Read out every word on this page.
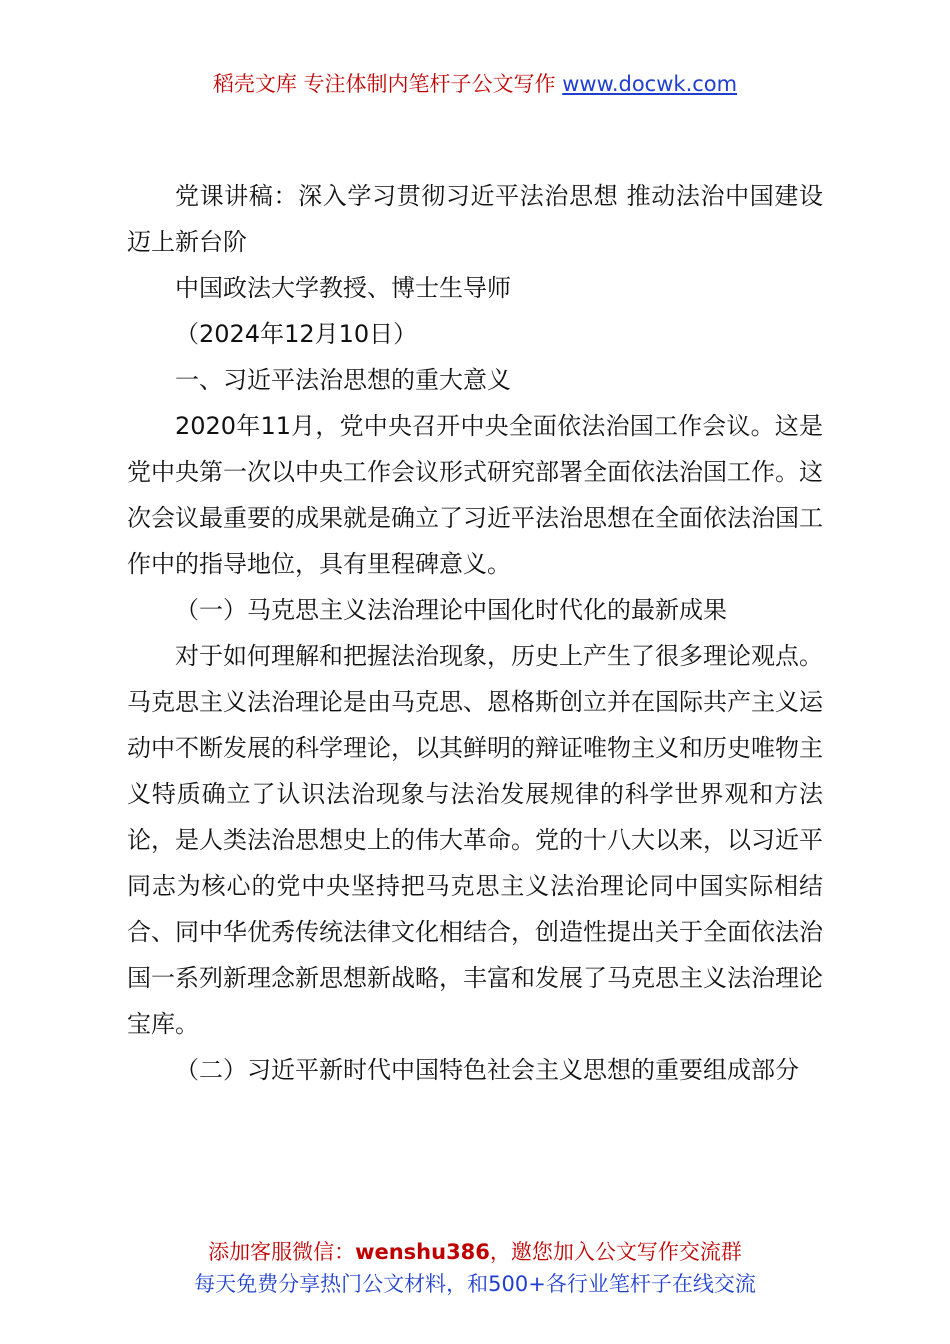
稻壳文库 专注体制内笔杆子公文写作 www.docwk.com

党课讲稿：深入学习贯彻习近平法治思想 推动法治中国建设迈上新台阶

中国政法大学教授、博士生导师

（2024年12月10日）

一、习近平法治思想的重大意义

2020年11月，党中央召开中央全面依法治国工作会议。这是党中央第一次以中央工作会议形式研究部署全面依法治国工作。这次会议最重要的成果就是确立了习近平法治思想在全面依法治国工作中的指导地位，具有里程碑意义。

（一）马克思主义法治理论中国化时代化的最新成果

对于如何理解和把握法治现象，历史上产生了很多理论观点。马克思主义法治理论是由马克思、恩格斯创立并在国际共产主义运动中不断发展的科学理论，以其鲜明的辩证唯物主义和历史唯物主义特质确立了认识法治现象与法治发展规律的科学世界观和方法论，是人类法治思想史上的伟大革命。党的十八大以来，以习近平同志为核心的党中央坚持把马克思主义法治理论同中国实际相结合、同中华优秀传统法律文化相结合，创造性提出关于全面依法治国一系列新理念新思想新战略，丰富和发展了马克思主义法治理论宝库。

（二）习近平新时代中国特色社会主义思想的重要组成部分

添加客服微信：wenshu386，邀您加入公文写作交流群
每天免费分享热门公文材料，和500+各行业笔杆子在线交流
